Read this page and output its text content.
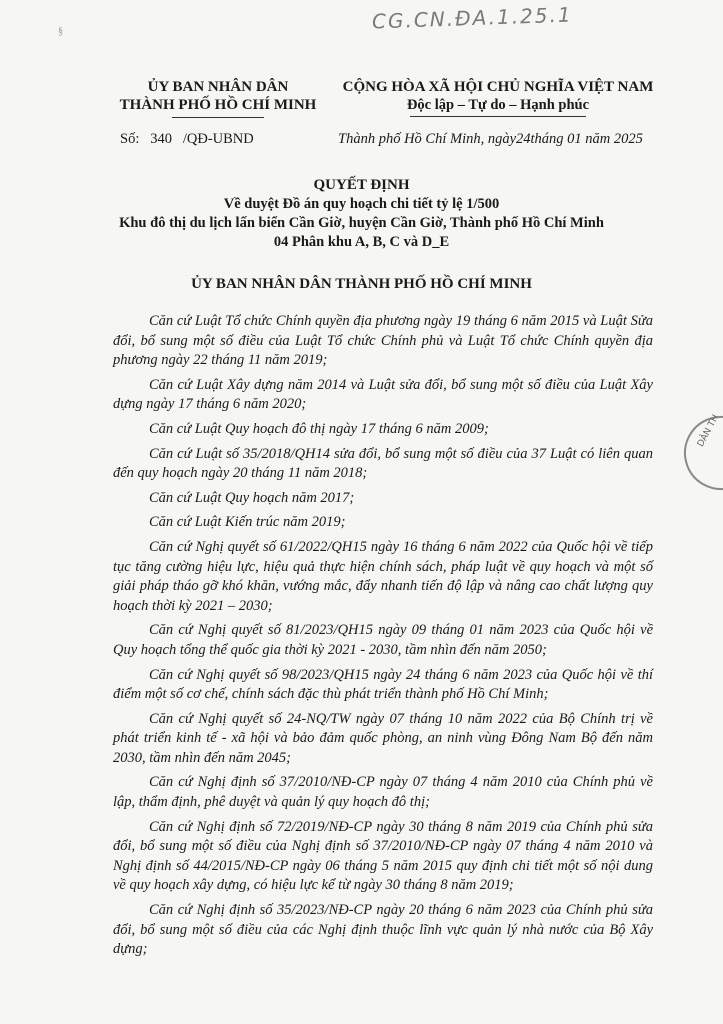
CG.CN.ĐA.1.25.1
§
ỦY BAN NHÂN DÂN
THÀNH PHỐ HỒ CHÍ MINH
CỘNG HÒA XÃ HỘI CHỦ NGHĨA VIỆT NAM
Độc lập – Tự do – Hạnh phúc
Số:   340   /QĐ-UBND	Thành phố Hồ Chí Minh, ngày24tháng 01 năm 2025
QUYẾT ĐỊNH
Về duyệt Đồ án quy hoạch chi tiết tỷ lệ 1/500
Khu đô thị du lịch lấn biển Cần Giờ, huyện Cần Giờ, Thành phố Hồ Chí Minh
04 Phân khu A, B, C và D_E
ỦY BAN NHÂN DÂN THÀNH PHỐ HỒ CHÍ MINH

Căn cứ Luật Tổ chức Chính quyền địa phương ngày 19 tháng 6 năm 2015 và Luật Sửa đổi, bổ sung một số điều của Luật Tổ chức Chính phủ và Luật Tổ chức Chính quyền địa phương ngày 22 tháng 11 năm 2019;

Căn cứ Luật Xây dựng năm 2014 và Luật sửa đổi, bổ sung một số điều của Luật Xây dựng ngày 17 tháng 6 năm 2020;

Căn cứ Luật Quy hoạch đô thị ngày 17 tháng 6 năm 2009;

Căn cứ Luật số 35/2018/QH14 sửa đổi, bổ sung một số điều của 37 Luật có liên quan đến quy hoạch ngày 20 tháng 11 năm 2018;

Căn cứ Luật Quy hoạch năm 2017;

Căn cứ Luật Kiến trúc năm 2019;

Căn cứ Nghị quyết số 61/2022/QH15 ngày 16 tháng 6 năm 2022 của Quốc hội về tiếp tục tăng cường hiệu lực, hiệu quả thực hiện chính sách, pháp luật về quy hoạch và một số giải pháp tháo gỡ khó khăn, vướng mắc, đẩy nhanh tiến độ lập và nâng cao chất lượng quy hoạch thời kỳ 2021 – 2030;

Căn cứ Nghị quyết số 81/2023/QH15 ngày 09 tháng 01 năm 2023 của Quốc hội về Quy hoạch tổng thể quốc gia thời kỳ 2021 - 2030, tầm nhìn đến năm 2050;

Căn cứ Nghị quyết số 98/2023/QH15 ngày 24 tháng 6 năm 2023 của Quốc hội về thí điểm một số cơ chế, chính sách đặc thù phát triển thành phố Hồ Chí Minh;

Căn cứ Nghị quyết số 24-NQ/TW ngày 07 tháng 10 năm 2022 của Bộ Chính trị về phát triển kinh tế - xã hội và bảo đảm quốc phòng, an ninh vùng Đông Nam Bộ đến năm 2030, tầm nhìn đến năm 2045;

Căn cứ Nghị định số 37/2010/NĐ-CP ngày 07 tháng 4 năm 2010 của Chính phủ về lập, thẩm định, phê duyệt và quản lý quy hoạch đô thị;

Căn cứ Nghị định số 72/2019/NĐ-CP ngày 30 tháng 8 năm 2019 của Chính phủ sửa đổi, bổ sung một số điều của Nghị định số 37/2010/NĐ-CP ngày 07 tháng 4 năm 2010 và Nghị định số 44/2015/NĐ-CP ngày 06 tháng 5 năm 2015 quy định chi tiết một số nội dung về quy hoạch xây dựng, có hiệu lực kể từ ngày 30 tháng 8 năm 2019;

Căn cứ Nghị định số 35/2023/NĐ-CP ngày 20 tháng 6 năm 2023 của Chính phủ sửa đổi, bổ sung một số điều của các Nghị định thuộc lĩnh vực quản lý nhà nước của Bộ Xây dựng;

DÂN TH
